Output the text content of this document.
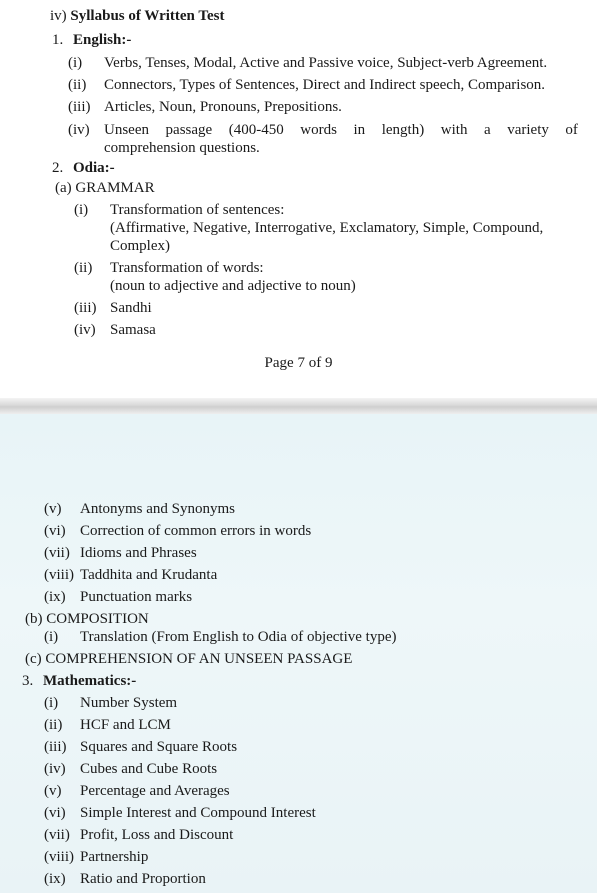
iv) Syllabus of Written Test
1. English:-
(i) Verbs, Tenses, Modal, Active and Passive voice, Subject-verb Agreement.
(ii) Connectors, Types of Sentences, Direct and Indirect speech, Comparison.
(iii) Articles, Noun, Pronouns, Prepositions.
(iv) Unseen passage (400-450 words in length) with a variety of
comprehension questions.
2. Odia:-
(a) GRAMMAR
(i) Transformation of sentences:
(Affirmative, Negative, Interrogative, Exclamatory, Simple, Compound,
Complex)
(ii) Transformation of words:
(noun to adjective and adjective to noun)
(iii) Sandhi
(iv) Samasa
Page 7 of 9
(v) Antonyms and Synonyms
(vi) Correction of common errors in words
(vii) Idioms and Phrases
(viii) Taddhita and Krudanta
(ix) Punctuation marks
(b) COMPOSITION
(i) Translation (From English to Odia of objective type)
(c) COMPREHENSION OF AN UNSEEN PASSAGE
3. Mathematics:-
(i) Number System
(ii) HCF and LCM
(iii) Squares and Square Roots
(iv) Cubes and Cube Roots
(v) Percentage and Averages
(vi) Simple Interest and Compound Interest
(vii) Profit, Loss and Discount
(viii) Partnership
(ix) Ratio and Proportion
